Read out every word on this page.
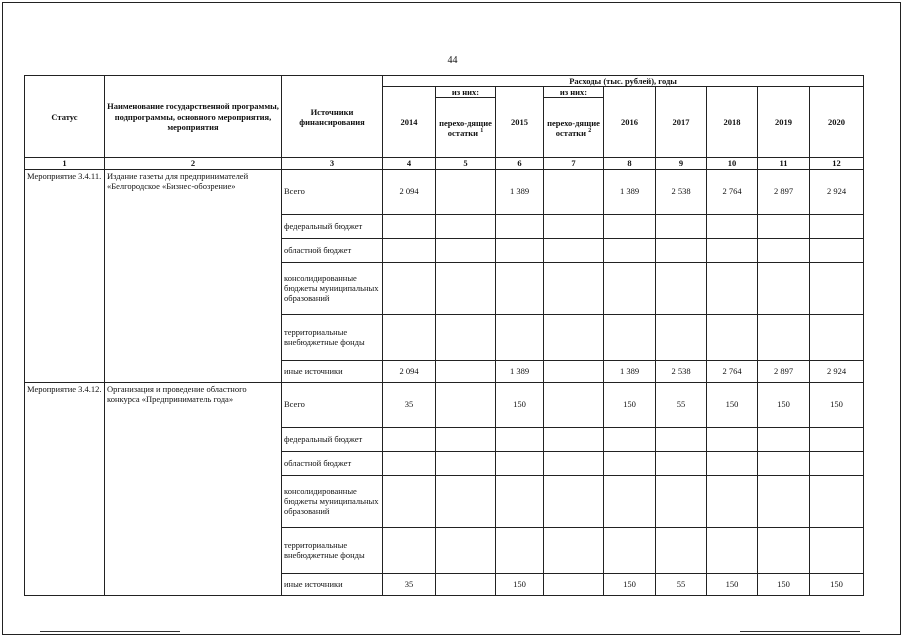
44
Статус	Наименование государственной программы, подпрограммы, основного мероприятия, мероприятия	Источники финансирования	Расходы (тыс. рублей), годы								
			2014	из них:	2015	из них:	2016	2017	2018	2019	2020
				перехо-дящие остатки $^1$		перехо-дящие остатки $^2$
1	2	3	4	5	6	7	8	9	10	11	12
Мероприятие 3.4.11.	Издание газеты для предпринимателей «Белгородское «Бизнес-обозрение»	Всего	2 094		1 389		1 389	2 538	2 764	2 897	2 924
		федеральный бюджет									
		областной бюджет									
		консолидированные бюджеты муниципальных образований									
		территориальные внебюджетные фонды									
		иные источники	2 094		1 389		1 389	2 538	2 764	2 897	2 924
Мероприятие 3.4.12.	Организация и проведение областного конкурса «Предприниматель года»	Всего	35		150		150	55	150	150	150
		федеральный бюджет									
		областной бюджет									
		консолидированные бюджеты муниципальных образований									
		территориальные внебюджетные фонды									
		иные источники	35		150		150	55	150	150	150
